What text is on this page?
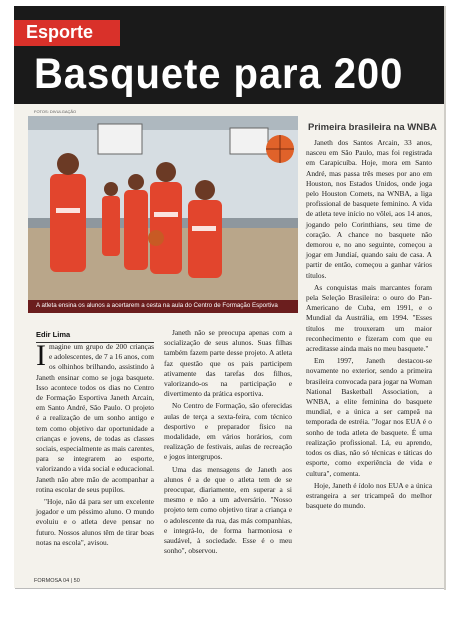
Esporte
Basquete para 200
FOTOS: DIVULGAÇÃO
A atleta ensina os alunos a acertarem a cesta na aula do Centro de Formação Esportiva
Edir Lima

Imagine um grupo de 200 crianças e adolescentes, de 7 a 16 anos, com os olhinhos brilhando, assistindo à Janeth ensinar como se joga basquete. Isso acontece todos os dias no Centro de Formação Esportiva Janeth Arcain, em Santo André, São Paulo. O projeto é a realização de um sonho antigo e tem como objetivo dar oportunidade a crianças e jovens, de todas as classes sociais, especialmente as mais carentes, para se integrarem ao esporte, valorizando a vida social e educacional. Janeth não abre mão de acompanhar a rotina escolar de seus pupilos.

"Hoje, não dá para ser um excelente jogador e um péssimo aluno. O mundo evoluiu e o atleta deve pensar no futuro. Nossos alunos têm de tirar boas notas na escola", avisou.

Janeth não se preocupa apenas com a socialização de seus alunos. Suas filhas também fazem parte desse projeto. A atleta faz questão que os pais participem ativamente das tarefas dos filhos, valorizando-os na participação e divertimento da prática esportiva.

No Centro de Formação, são oferecidas aulas de terça a sexta-feira, com técnico desportivo e preparador físico na modalidade, em vários horários, com realização de festivais, aulas de recreação e jogos intergrupos.

Uma das mensagens de Janeth aos alunos é a de que o atleta tem de se preocupar, diariamente, em superar a si mesmo e não a um adversário. "Nosso projeto tem como objetivo tirar a criança e o adolescente da rua, das más companhias, e integrá-lo, de forma harmoniosa e saudável, à sociedade. Esse é o meu sonho", observou.

Primeira brasileira na WNBA

Janeth dos Santos Arcain, 33 anos, nasceu em São Paulo, mas foi registrada em Carapicuíba. Hoje, mora em Santo André, mas passa três meses por ano em Houston, nos Estados Unidos, onde joga pelo Houston Comets, na WNBA, a liga profissional de basquete feminino. A vida de atleta teve início no vôlei, aos 14 anos, jogando pelo Corinthians, seu time de coração. A chance no basquete não demorou e, no ano seguinte, começou a jogar em Jundiaí, quando saiu de casa. A partir de então, começou a ganhar vários títulos.

As conquistas mais marcantes foram pela Seleção Brasileira: o ouro do Pan-Americano de Cuba, em 1991, e o Mundial da Austrália, em 1994. "Esses títulos me trouxeram um maior reconhecimento e fizeram com que eu acreditasse ainda mais no meu basquete."

Em 1997, Janeth destacou-se novamente no exterior, sendo a primeira brasileira convocada para jogar na Woman National Basketball Association, a WNBA, a elite feminina do basquete mundial, e a única a ser campeã na temporada de estréia. "Jogar nos EUA é o sonho de toda atleta de basquete. É uma realização profissional. Lá, eu aprendo, todos os dias, não só técnicas e táticas do esporte, como experiência de vida e cultura", comenta.

Hoje, Janeth é ídolo nos EUA e a única estrangeira a ser tricampeã do melhor basquete do mundo.

FORMOSA 04 | 50
